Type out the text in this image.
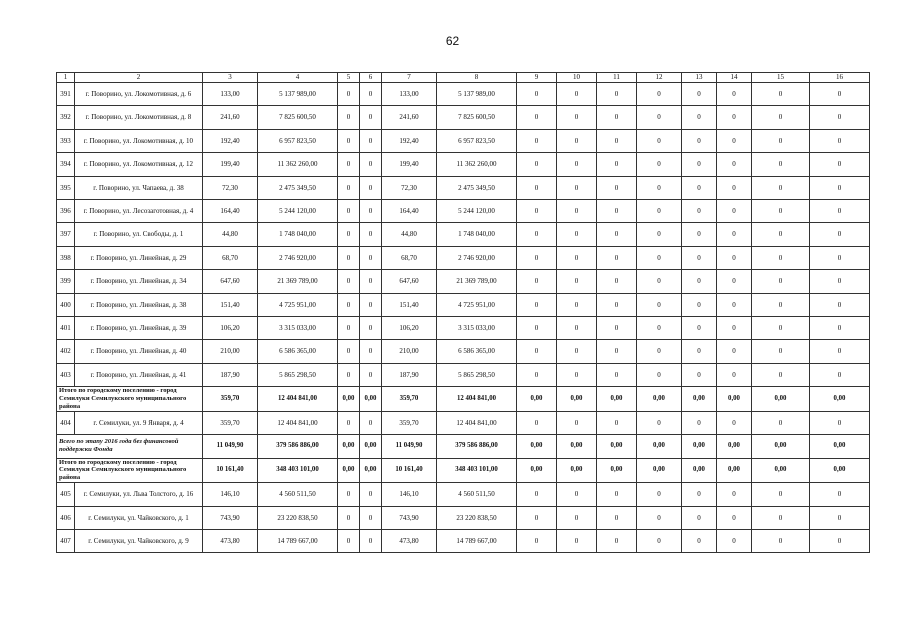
62
1	2	3	4	5	6	7	8	9	10	11	12	13	14	15	16
391	г. Поворино, ул. Локомотивная, д. 6	133,00	5 137 989,00	0	0	133,00	5 137 989,00	0	0	0	0	0	0	0	0
392	г. Поворино, ул. Локомотивная, д. 8	241,60	7 825 600,50	0	0	241,60	7 825 600,50	0	0	0	0	0	0	0	0
393	г. Поворино, ул. Локомотивная, д. 10	192,40	6 957 823,50	0	0	192,40	6 957 823,50	0	0	0	0	0	0	0	0
394	г. Поворино, ул. Локомотивная, д. 12	199,40	11 362 260,00	0	0	199,40	11 362 260,00	0	0	0	0	0	0	0	0
395	г. Поворино, ул. Чапаева, д. 38	72,30	2 475 349,50	0	0	72,30	2 475 349,50	0	0	0	0	0	0	0	0
396	г. Поворино, ул. Лесозаготовная, д. 4	164,40	5 244 120,00	0	0	164,40	5 244 120,00	0	0	0	0	0	0	0	0
397	г. Поворино, ул. Свободы, д. 1	44,80	1 748 040,00	0	0	44,80	1 748 040,00	0	0	0	0	0	0	0	0
398	г. Поворино, ул. Линейная, д. 29	68,70	2 746 920,00	0	0	68,70	2 746 920,00	0	0	0	0	0	0	0	0
399	г. Поворино, ул. Линейная, д. 34	647,60	21 369 789,00	0	0	647,60	21 369 789,00	0	0	0	0	0	0	0	0
400	г. Поворино, ул. Линейная, д. 38	151,40	4 725 951,00	0	0	151,40	4 725 951,00	0	0	0	0	0	0	0	0
401	г. Поворино, ул. Линейная, д. 39	106,20	3 315 033,00	0	0	106,20	3 315 033,00	0	0	0	0	0	0	0	0
402	г. Поворино, ул. Линейная, д. 40	210,00	6 586 365,00	0	0	210,00	6 586 365,00	0	0	0	0	0	0	0	0
403	г. Поворино, ул. Линейная, д. 41	187,90	5 865 298,50	0	0	187,90	5 865 298,50	0	0	0	0	0	0	0	0
Итого по городскому поселению - город Семилуки Семилукского муниципального района		359,70	12 404 841,00	0,00	0,00	359,70	12 404 841,00	0,00	0,00	0,00	0,00	0,00	0,00	0,00	0,00
404	г. Семилуки, ул. 9 Января, д. 4	359,70	12 404 841,00	0	0	359,70	12 404 841,00	0	0	0	0	0	0	0	0
Всего по этапу 2016 года без финансовой поддержки Фонда		11 049,90	379 586 886,00	0,00	0,00	11 049,90	379 586 886,00	0,00	0,00	0,00	0,00	0,00	0,00	0,00	0,00
Итого по городскому поселению - город Семилуки Семилукского муниципального района		10 161,40	348 403 101,00	0,00	0,00	10 161,40	348 403 101,00	0,00	0,00	0,00	0,00	0,00	0,00	0,00	0,00
405	г. Семилуки, ул. Льва Толстого, д. 16	146,10	4 560 511,50	0	0	146,10	4 560 511,50	0	0	0	0	0	0	0	0
406	г. Семилуки, ул. Чайковского, д. 1	743,90	23 220 838,50	0	0	743,90	23 220 838,50	0	0	0	0	0	0	0	0
407	г. Семилуки, ул. Чайковского, д. 9	473,80	14 789 667,00	0	0	473,80	14 789 667,00	0	0	0	0	0	0	0	0
